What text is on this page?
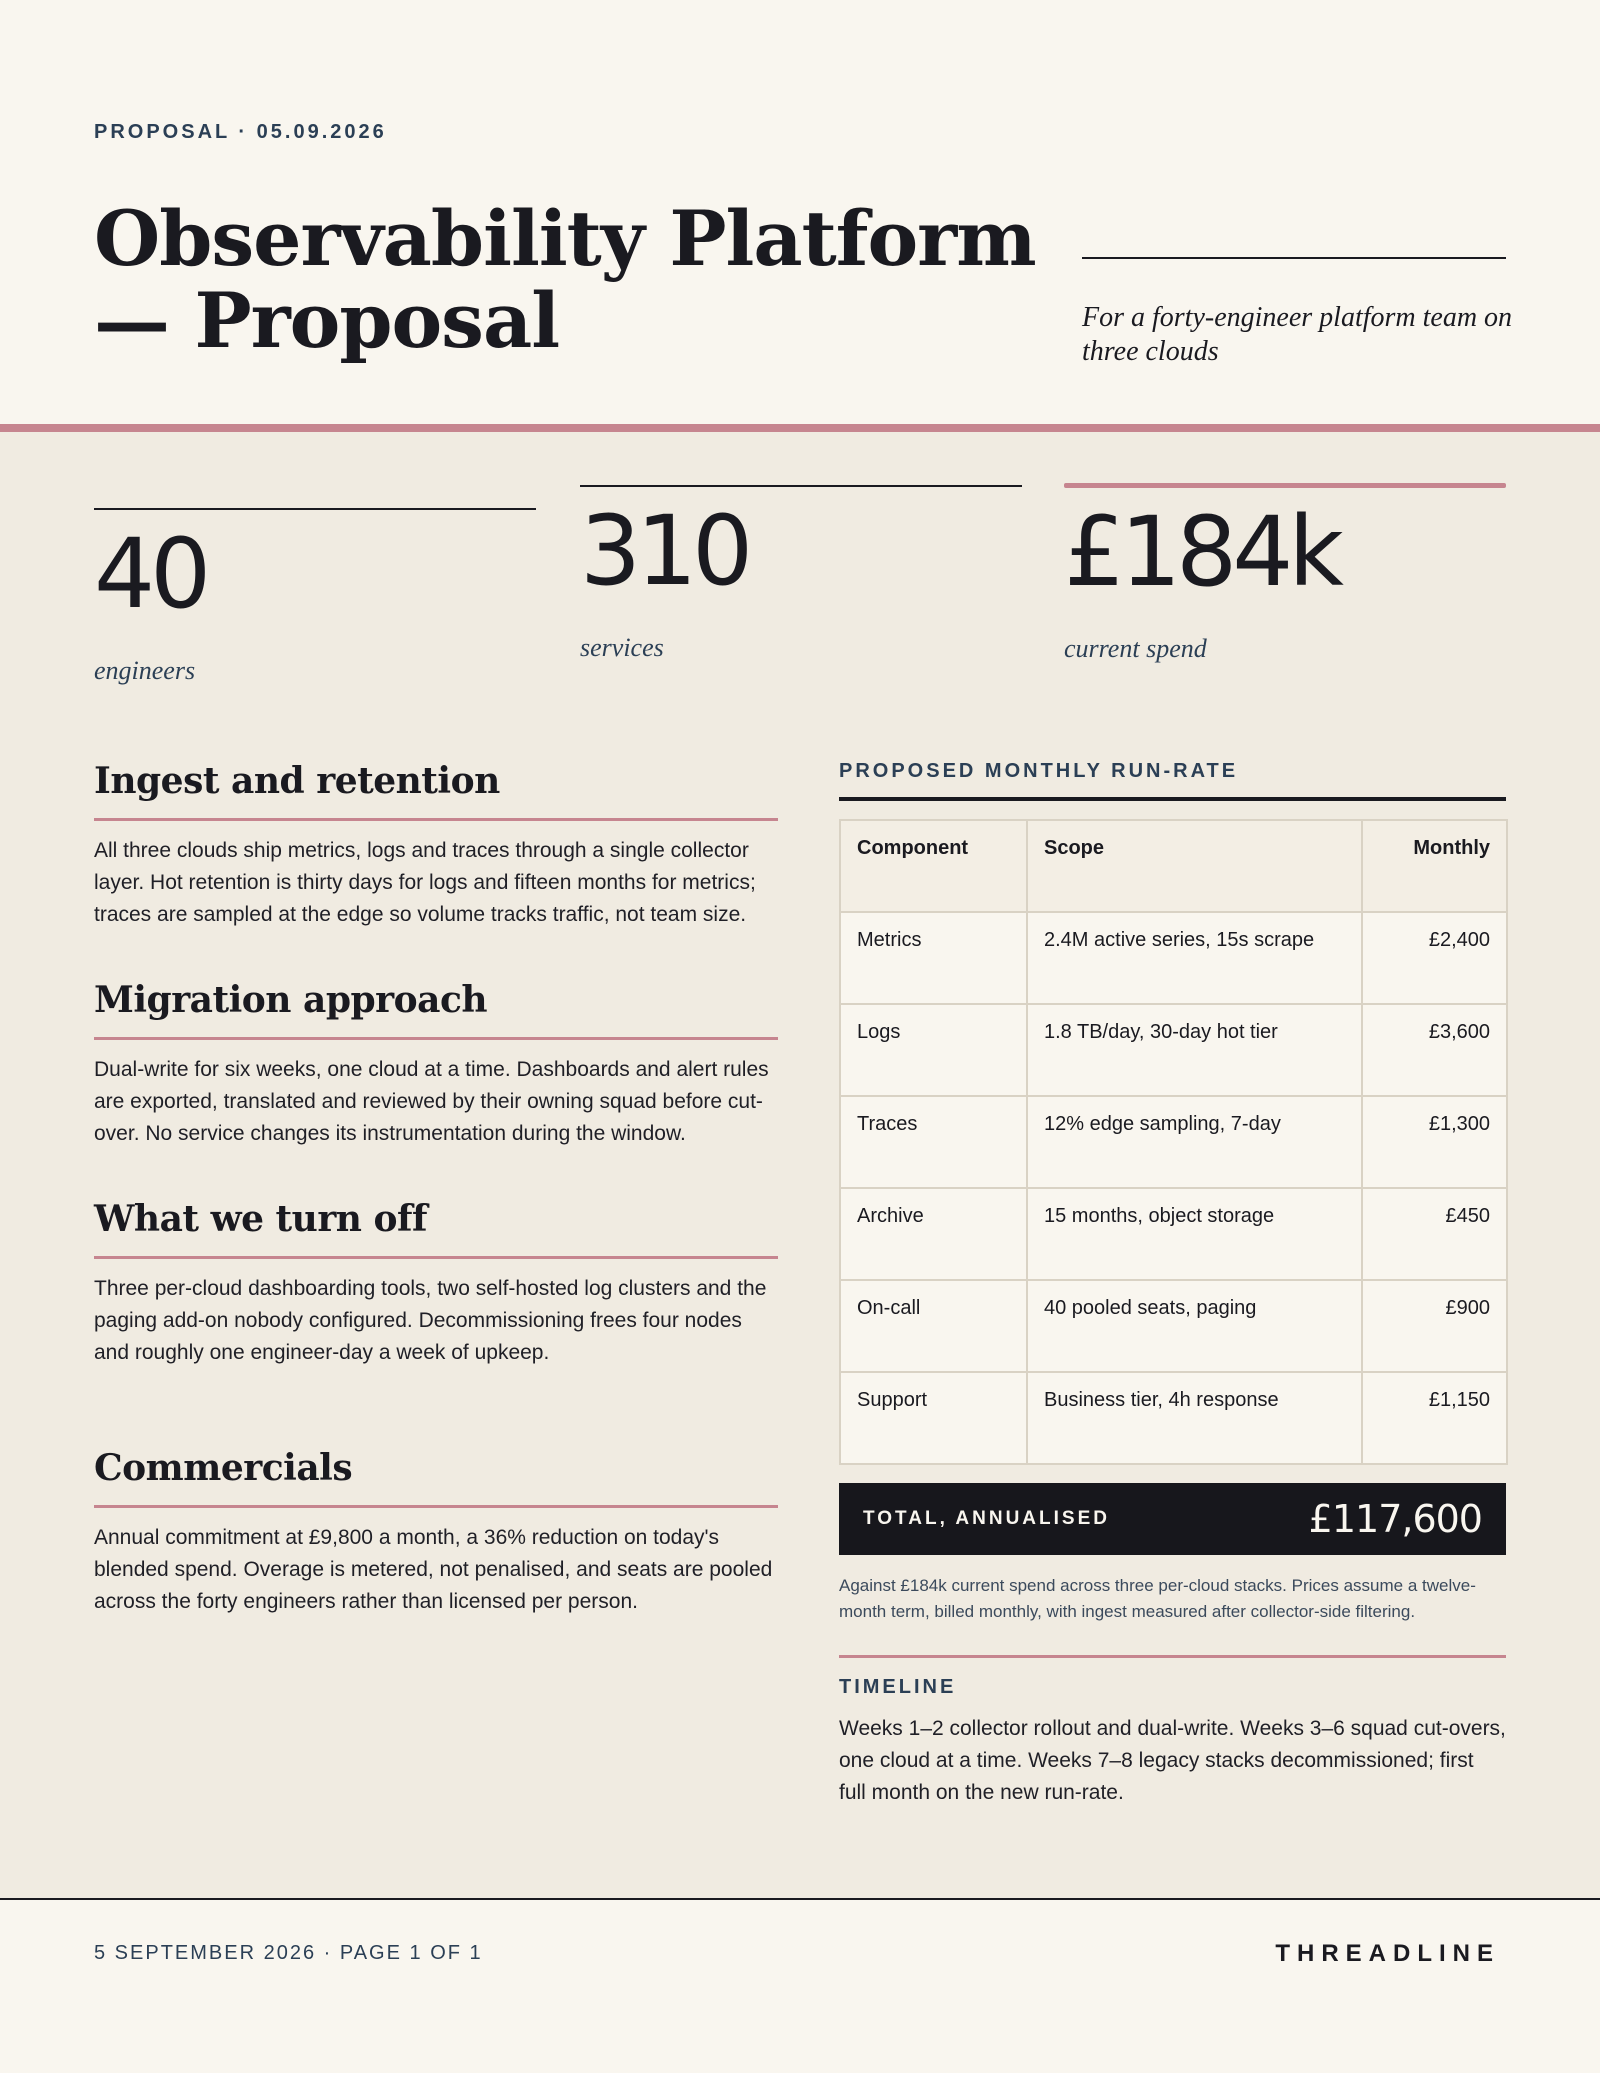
PROPOSAL · 05.09.2026
Observability Platform — Proposal	For a forty-engineer platform team on three clouds
40
engineers
310
services
£184k
current spend
Ingest and retention

All three clouds ship metrics, logs and traces through a single collector layer. Hot retention is thirty days for logs and fifteen months for metrics; traces are sampled at the edge so volume tracks traffic, not team size.

Migration approach

Dual-write for six weeks, one cloud at a time. Dashboards and alert rules are exported, translated and reviewed by their owning squad before cut-over. No service changes its instrumentation during the window.

What we turn off

Three per-cloud dashboarding tools, two self-hosted log clusters and the paging add-on nobody configured. Decommissioning frees four nodes and roughly one engineer-day a week of upkeep.

Commercials

Annual commitment at £9,800 a month, a 36% reduction on today's blended spend. Overage is metered, not penalised, and seats are pooled across the forty engineers rather than licensed per person.

PROPOSED MONTHLY RUN-RATE
Component	Scope	Monthly
Metrics	2.4M active series, 15s scrape	£2,400
Logs	1.8 TB/day, 30-day hot tier	£3,600
Traces	12% edge sampling, 7-day	£1,300
Archive	15 months, object storage	£450
On-call	40 pooled seats, paging	£900
Support	Business tier, 4h response	£1,150
TOTAL, ANNUALISED	£117,600
Against £184k current spend across three per-cloud stacks. Prices assume a twelve-month term, billed monthly, with ingest measured after collector-side filtering.
TIMELINE
Weeks 1–2 collector rollout and dual-write. Weeks 3–6 squad cut-overs, one cloud at a time. Weeks 7–8 legacy stacks decommissioned; first full month on the new run-rate.
5 SEPTEMBER 2026 · PAGE 1 OF 1	THREADLINE
